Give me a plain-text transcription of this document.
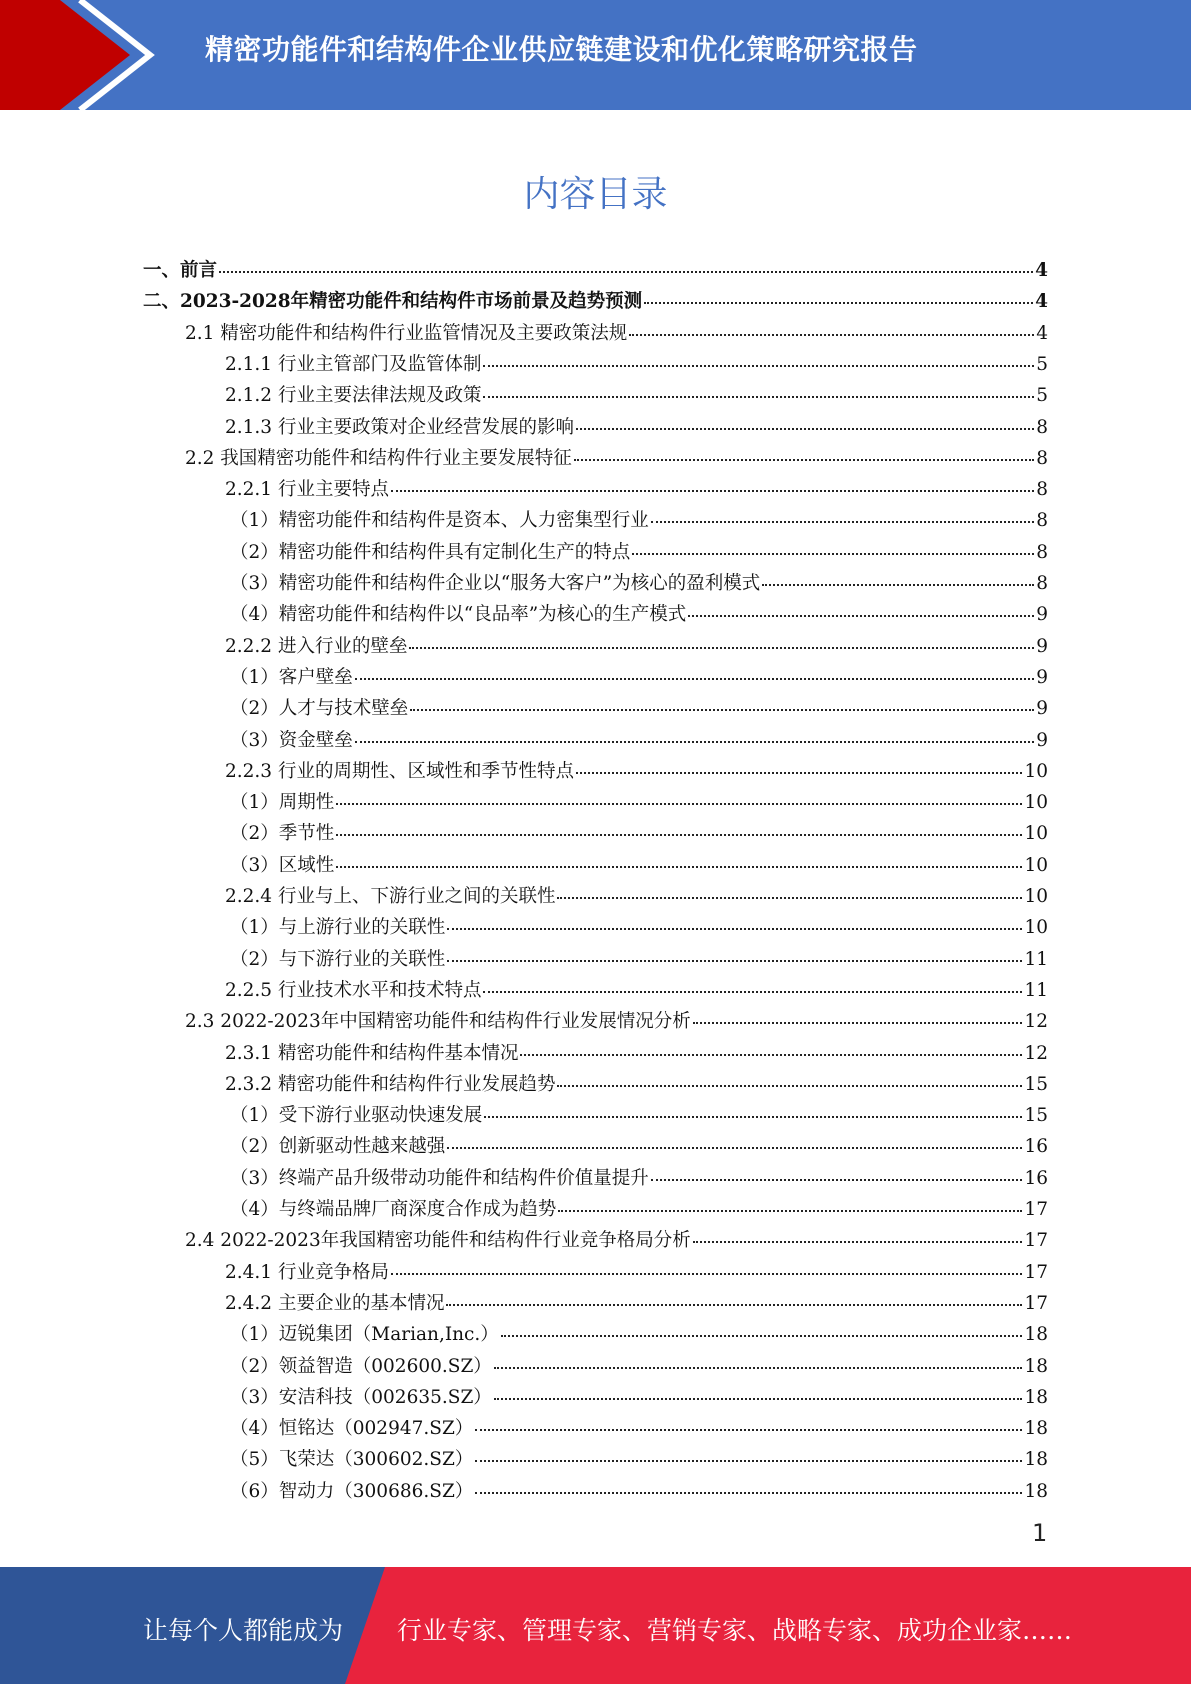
精密功能件和结构件企业供应链建设和优化策略研究报告
内容目录
一、前言	4
二、2023-2028年精密功能件和结构件市场前景及趋势预测	4
2.1 精密功能件和结构件行业监管情况及主要政策法规	4
2.1.1 行业主管部门及监管体制	5
2.1.2 行业主要法律法规及政策	5
2.1.3 行业主要政策对企业经营发展的影响	8
2.2 我国精密功能件和结构件行业主要发展特征	8
2.2.1 行业主要特点	8
（1）精密功能件和结构件是资本、人力密集型行业	8
（2）精密功能件和结构件具有定制化生产的特点	8
（3）精密功能件和结构件企业以“服务大客户”为核心的盈利模式	8
（4）精密功能件和结构件以“良品率”为核心的生产模式	9
2.2.2 进入行业的壁垒	9
（1）客户壁垒	9
（2）人才与技术壁垒	9
（3）资金壁垒	9
2.2.3 行业的周期性、区域性和季节性特点	10
（1）周期性	10
（2）季节性	10
（3）区域性	10
2.2.4 行业与上、下游行业之间的关联性	10
（1）与上游行业的关联性	10
（2）与下游行业的关联性	11
2.2.5 行业技术水平和技术特点	11
2.3 2022-2023年中国精密功能件和结构件行业发展情况分析	12
2.3.1 精密功能件和结构件基本情况	12
2.3.2 精密功能件和结构件行业发展趋势	15
（1）受下游行业驱动快速发展	15
（2）创新驱动性越来越强	16
（3）终端产品升级带动功能件和结构件价值量提升	16
（4）与终端品牌厂商深度合作成为趋势	17
2.4 2022-2023年我国精密功能件和结构件行业竞争格局分析	17
2.4.1 行业竞争格局	17
2.4.2 主要企业的基本情况	17
（1）迈锐集团（Marian,Inc.）	18
（2）领益智造（002600.SZ）	18
（3）安洁科技（002635.SZ）	18
（4）恒铭达（002947.SZ）	18
（5）飞荣达（300602.SZ）	18
（6）智动力（300686.SZ）	18
1
让每个人都能成为 行业专家、管理专家、营销专家、战略专家、成功企业家……
